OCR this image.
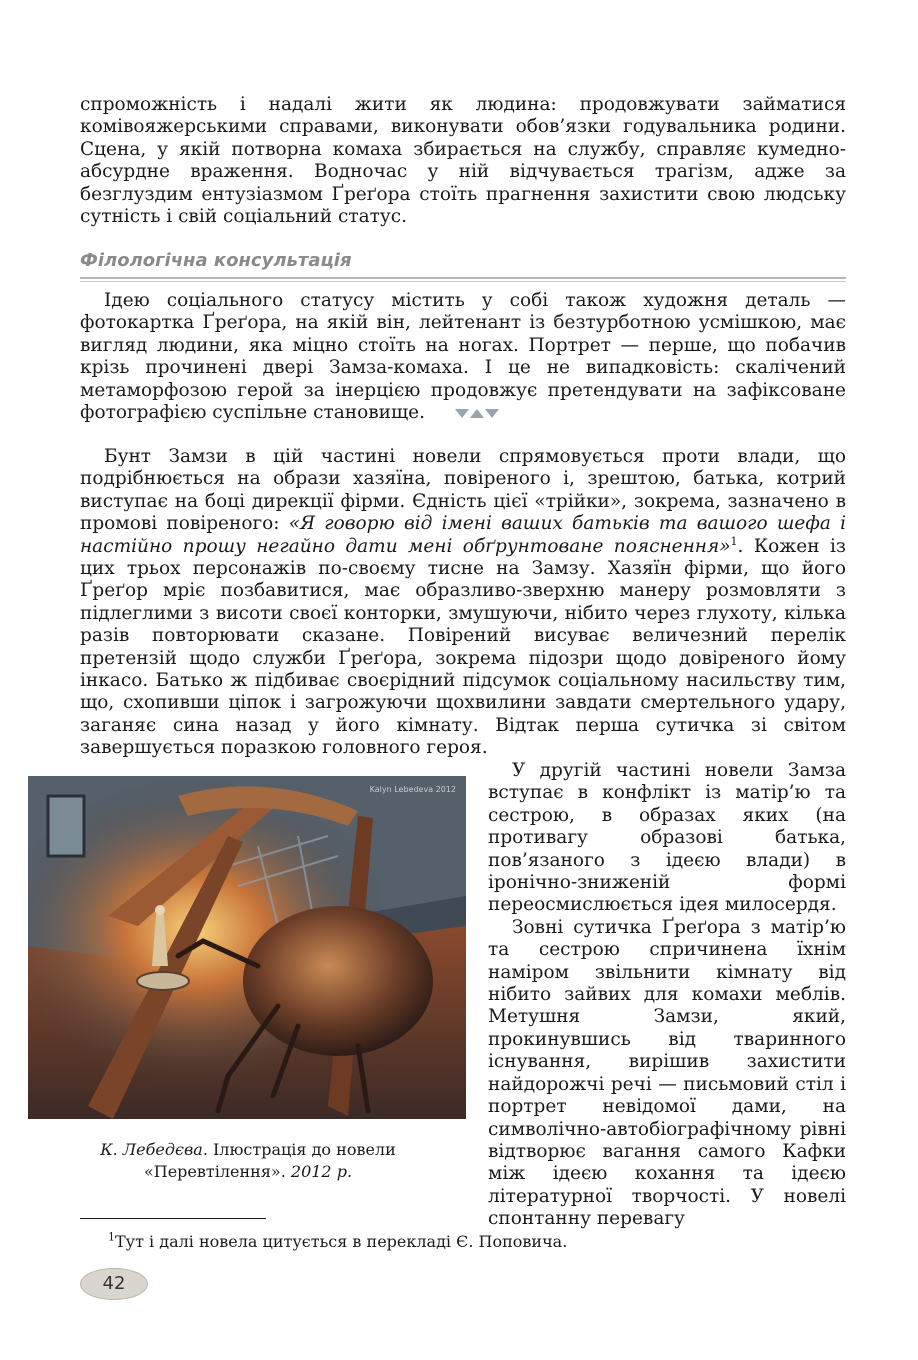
спроможність і надалі жити як людина: продовжувати займатися комівояжерськими справами, виконувати обов’язки годувальника родини. Сцена, у якій потворна комаха збирається на службу, справляє кумедно-абсурдне враження. Водночас у ній відчувається трагізм, адже за безглуздим ентузіазмом Ґреґора стоїть прагнення захистити свою людську сутність і свій соціальний статус.

Філологічна консультація

Ідею соціального статусу містить у собі також художня деталь — фотокартка Ґреґора, на якій він, лейтенант із безтурботною усмішкою, має вигляд людини, яка міцно стоїть на ногах. Портрет — перше, що побачив крізь прочинені двері Замза-комаха. І це не випадковість: скалічений метаморфозою герой за інерцією продовжує претендувати на зафіксоване фотографією суспільне становище.

Бунт Замзи в цій частині новели спрямовується проти влади, що подрібнюється на образи хазяїна, повіреного і, зрештою, батька, котрий виступає на боці дирекції фірми. Єдність цієї «трійки», зокрема, зазначено в промові повіреного: «Я говорю від імені ваших батьків та вашого шефа і настійно прошу негайно дати мені обґрунтоване пояснення»$^1$. Кожен із цих трьох персонажів по-своєму тисне на Замзу. Хазяїн фірми, що його Ґреґор мріє позбавитися, має образливо-зверхню манеру розмовляти з підлеглими з висоти своєї конторки, змушуючи, нібито через глухоту, кілька разів повторювати сказане. Повірений висуває величезний перелік претензій щодо служби Ґреґора, зокрема підозри щодо довіреного йому інкасо. Батько ж підбиває своєрідний підсумок соціальному насильству тим, що, схопивши ціпок і загрожуючи щохвилини завдати смертельного удару, заганяє сина назад у його кімнату. Відтак перша сутичка зі світом завершується поразкою головного героя.

Kalyn Lebedeva 2012

К. Лебедєва. Ілюстрація до новели «Перевтілення». 2012 р.

У другій частині новели Замза вступає в конфлікт із матір’ю та сестрою, в образах яких (на противагу образові батька, пов’язаного з ідеєю влади) в іронічно-зниженій формі переосмислюється ідея милосердя.

Зовні сутичка Ґреґора з матір’ю та сестрою спричинена їхнім наміром звільнити кімнату від нібито зайвих для комахи меблів. Метушня Замзи, який, прокинувшись від тваринного існування, вирішив захистити найдорожчі речі — письмовий стіл і портрет невідомої дами, на символічно-автобіографічному рівні відтворює вагання самого Кафки між ідеєю кохання та ідеєю літературної творчості. У новелі спонтанну перевагу

$^1$Тут і далі новела цитується в перекладі Є. Поповича.

42
